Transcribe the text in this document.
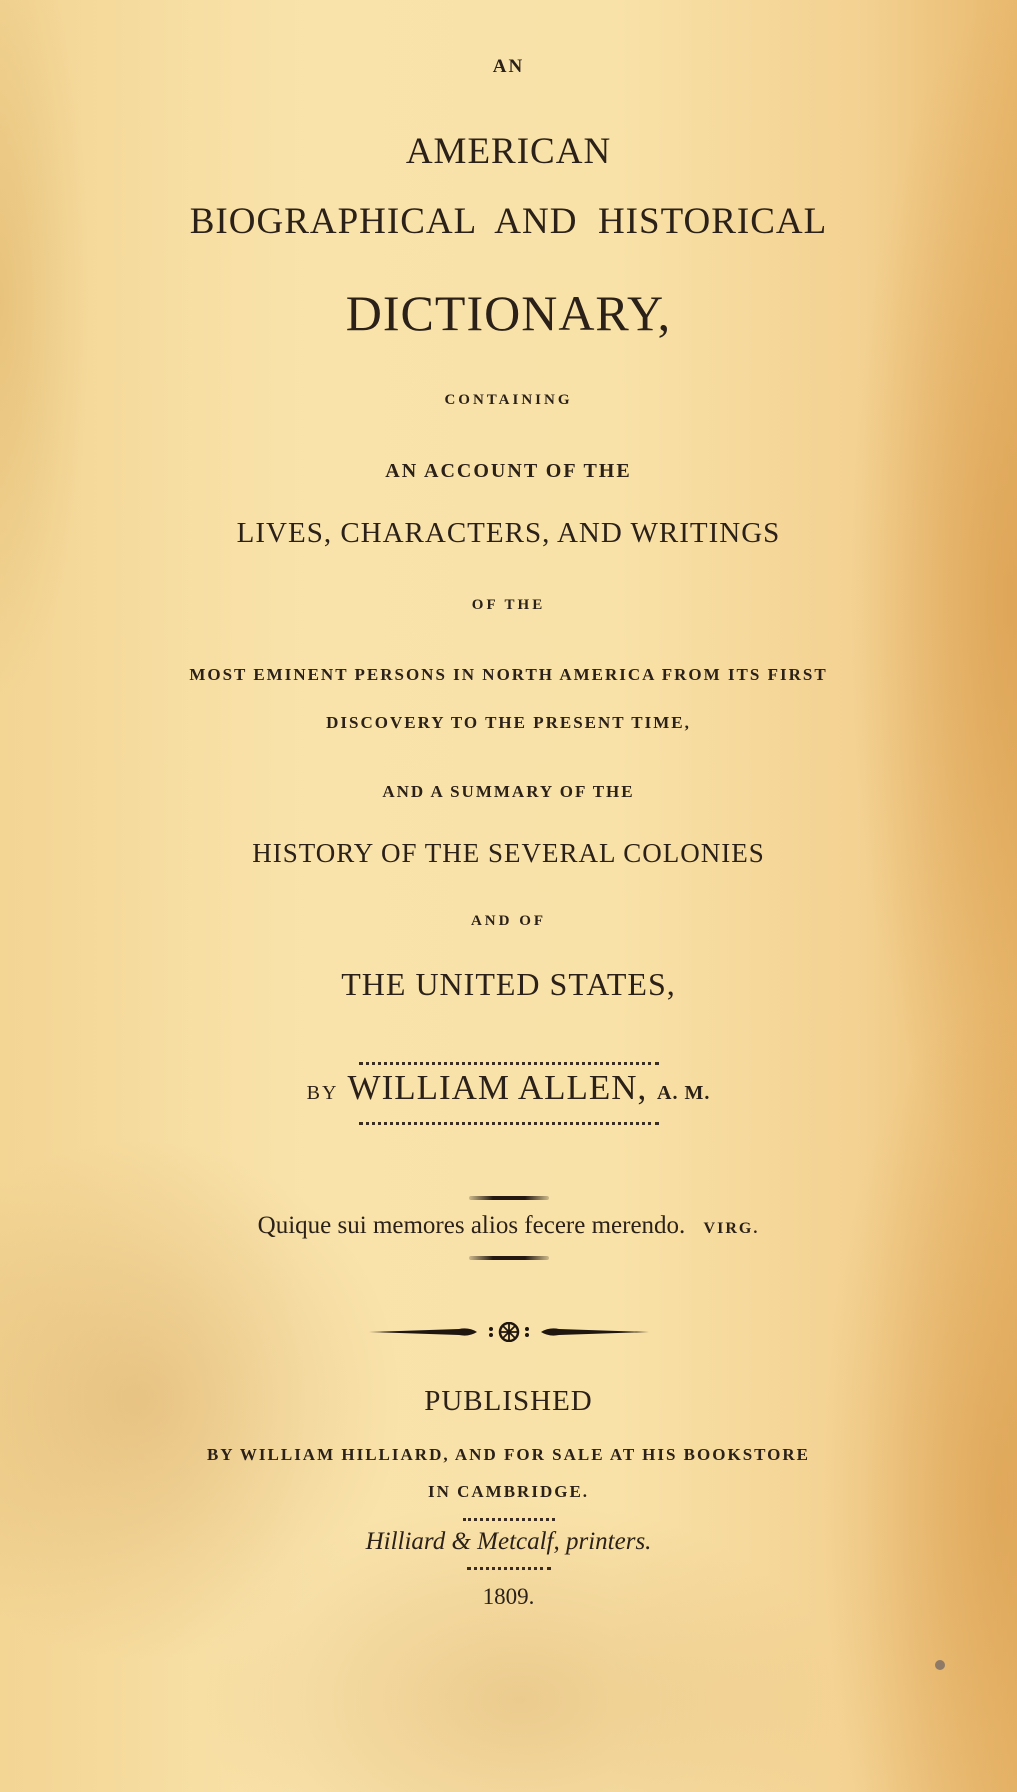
AN

AMERICAN

BIOGRAPHICAL  AND  HISTORICAL

DICTIONARY,

CONTAINING

AN ACCOUNT OF THE

LIVES, CHARACTERS, AND WRITINGS

OF THE

MOST EMINENT PERSONS IN NORTH AMERICA FROM ITS FIRST

DISCOVERY TO THE PRESENT TIME,

AND A SUMMARY OF THE

HISTORY OF THE SEVERAL COLONIES

AND OF

THE UNITED STATES,

BY WILLIAM ALLEN, A. M.

Quique sui memores alios fecere merendo. VIRG.

PUBLISHED

BY WILLIAM HILLIARD, AND FOR SALE AT HIS BOOKSTORE

IN CAMBRIDGE.

Hilliard & Metcalf, printers.

1809.
